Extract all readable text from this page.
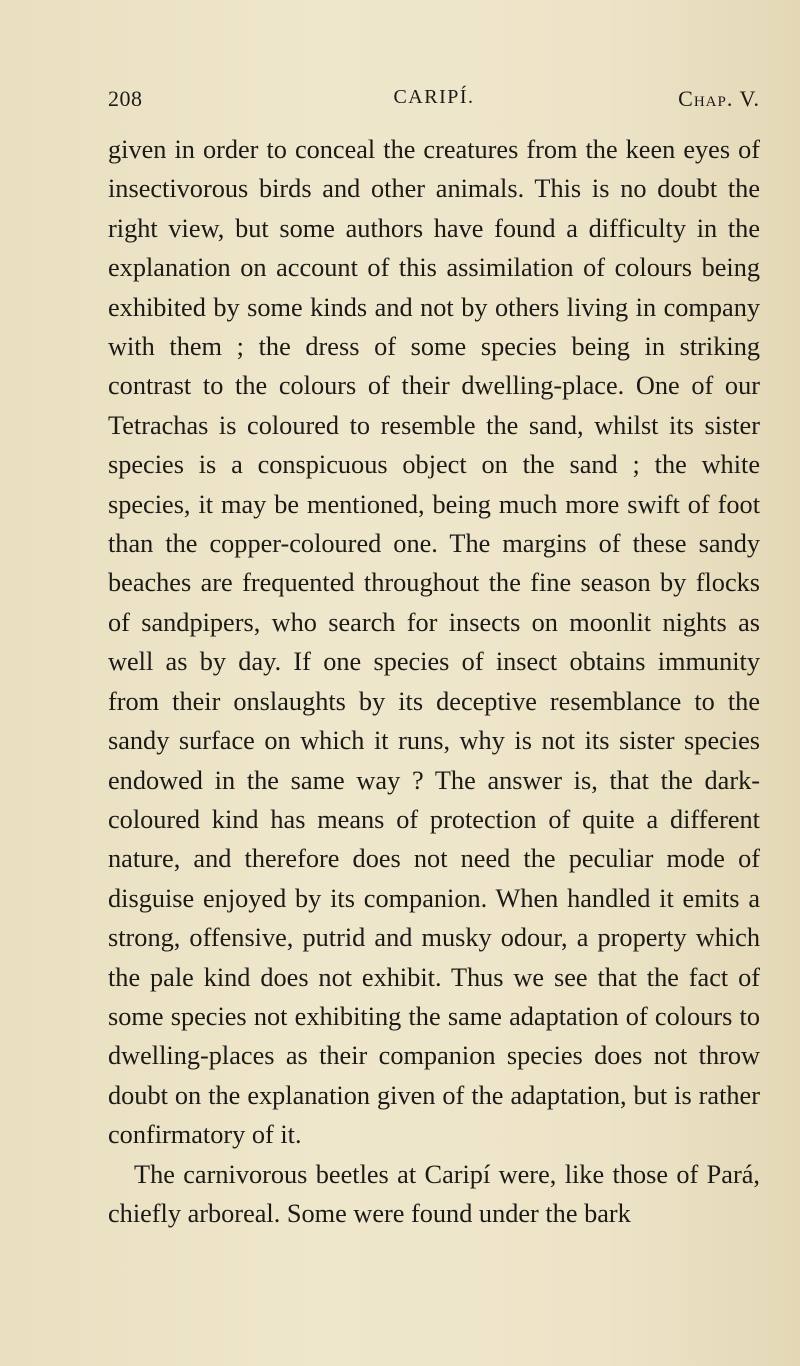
208	CARIPÍ.	Chap. V.

given in order to conceal the creatures from the keen eyes of insectivorous birds and other animals. This is no doubt the right view, but some authors have found a difficulty in the explanation on account of this assimilation of colours being exhibited by some kinds and not by others living in company with them ; the dress of some species being in striking contrast to the colours of their dwelling-place. One of our Tetrachas is coloured to resemble the sand, whilst its sister species is a conspicuous object on the sand ; the white species, it may be mentioned, being much more swift of foot than the copper-coloured one. The margins of these sandy beaches are frequented throughout the fine season by flocks of sandpipers, who search for insects on moonlit nights as well as by day. If one species of insect obtains immunity from their onslaughts by its deceptive resemblance to the sandy surface on which it runs, why is not its sister species endowed in the same way ? The answer is, that the dark-coloured kind has means of protection of quite a different nature, and therefore does not need the peculiar mode of disguise enjoyed by its companion. When handled it emits a strong, offensive, putrid and musky odour, a property which the pale kind does not exhibit. Thus we see that the fact of some species not exhibiting the same adaptation of colours to dwelling-places as their companion species does not throw doubt on the explanation given of the adaptation, but is rather confirmatory of it.

The carnivorous beetles at Caripí were, like those of Pará, chiefly arboreal. Some were found under the bark
